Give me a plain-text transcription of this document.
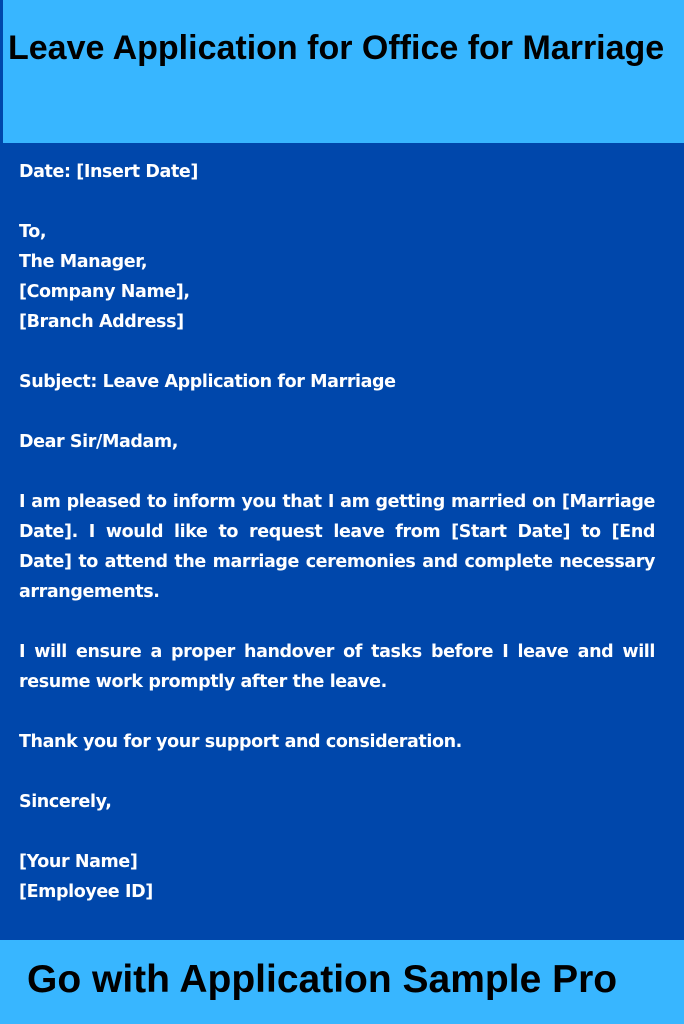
Leave Application for Office for Marriage

Date: [Insert Date]

To,

The Manager,

[Company Name],

[Branch Address]

Subject: Leave Application for Marriage

Dear Sir/Madam,

I am pleased to inform you that I am getting married on [Marriage Date]. I would like to request leave from [Start Date] to [End Date] to attend the marriage ceremonies and complete necessary arrangements.

I will ensure a proper handover of tasks before I leave and will resume work promptly after the leave.

Thank you for your support and consideration.

Sincerely,

[Your Name]

[Employee ID]

Go with Application Sample Pro
